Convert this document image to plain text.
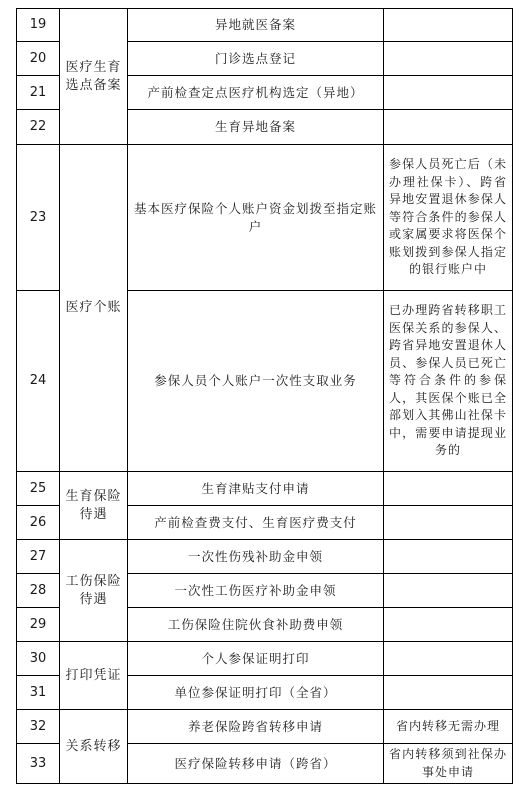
19	医疗生育选点备案	异地就医备案	
20		门诊选点登记	
21		产前检查定点医疗机构选定（异地）	
22		生育异地备案	
23	医疗个账	基本医疗保险个人账户资金划拨至指定账户	参保人员死亡后（未办理社保卡）、跨省异地安置退休参保人等符合条件的参保人或家属要求将医保个账划拨到参保人指定的银行账户中
24		参保人员个人账户一次性支取业务	已办理跨省转移职工医保关系的参保人、跨省异地安置退休人员、参保人员已死亡等符合条件的参保人，其医保个账已全部划入其佛山社保卡中，需要申请提现业务的
25	生育保险待遇	生育津贴支付申请	
26		产前检查费支付、生育医疗费支付	
27	工伤保险待遇	一次性伤残补助金申领	
28		一次性工伤医疗补助金申领	
29		工伤保险住院伙食补助费申领	
30	打印凭证	个人参保证明打印	
31		单位参保证明打印（全省）	
32	关系转移	养老保险跨省转移申请	省内转移无需办理
33		医疗保险转移申请（跨省）	省内转移须到社保办事处申请
